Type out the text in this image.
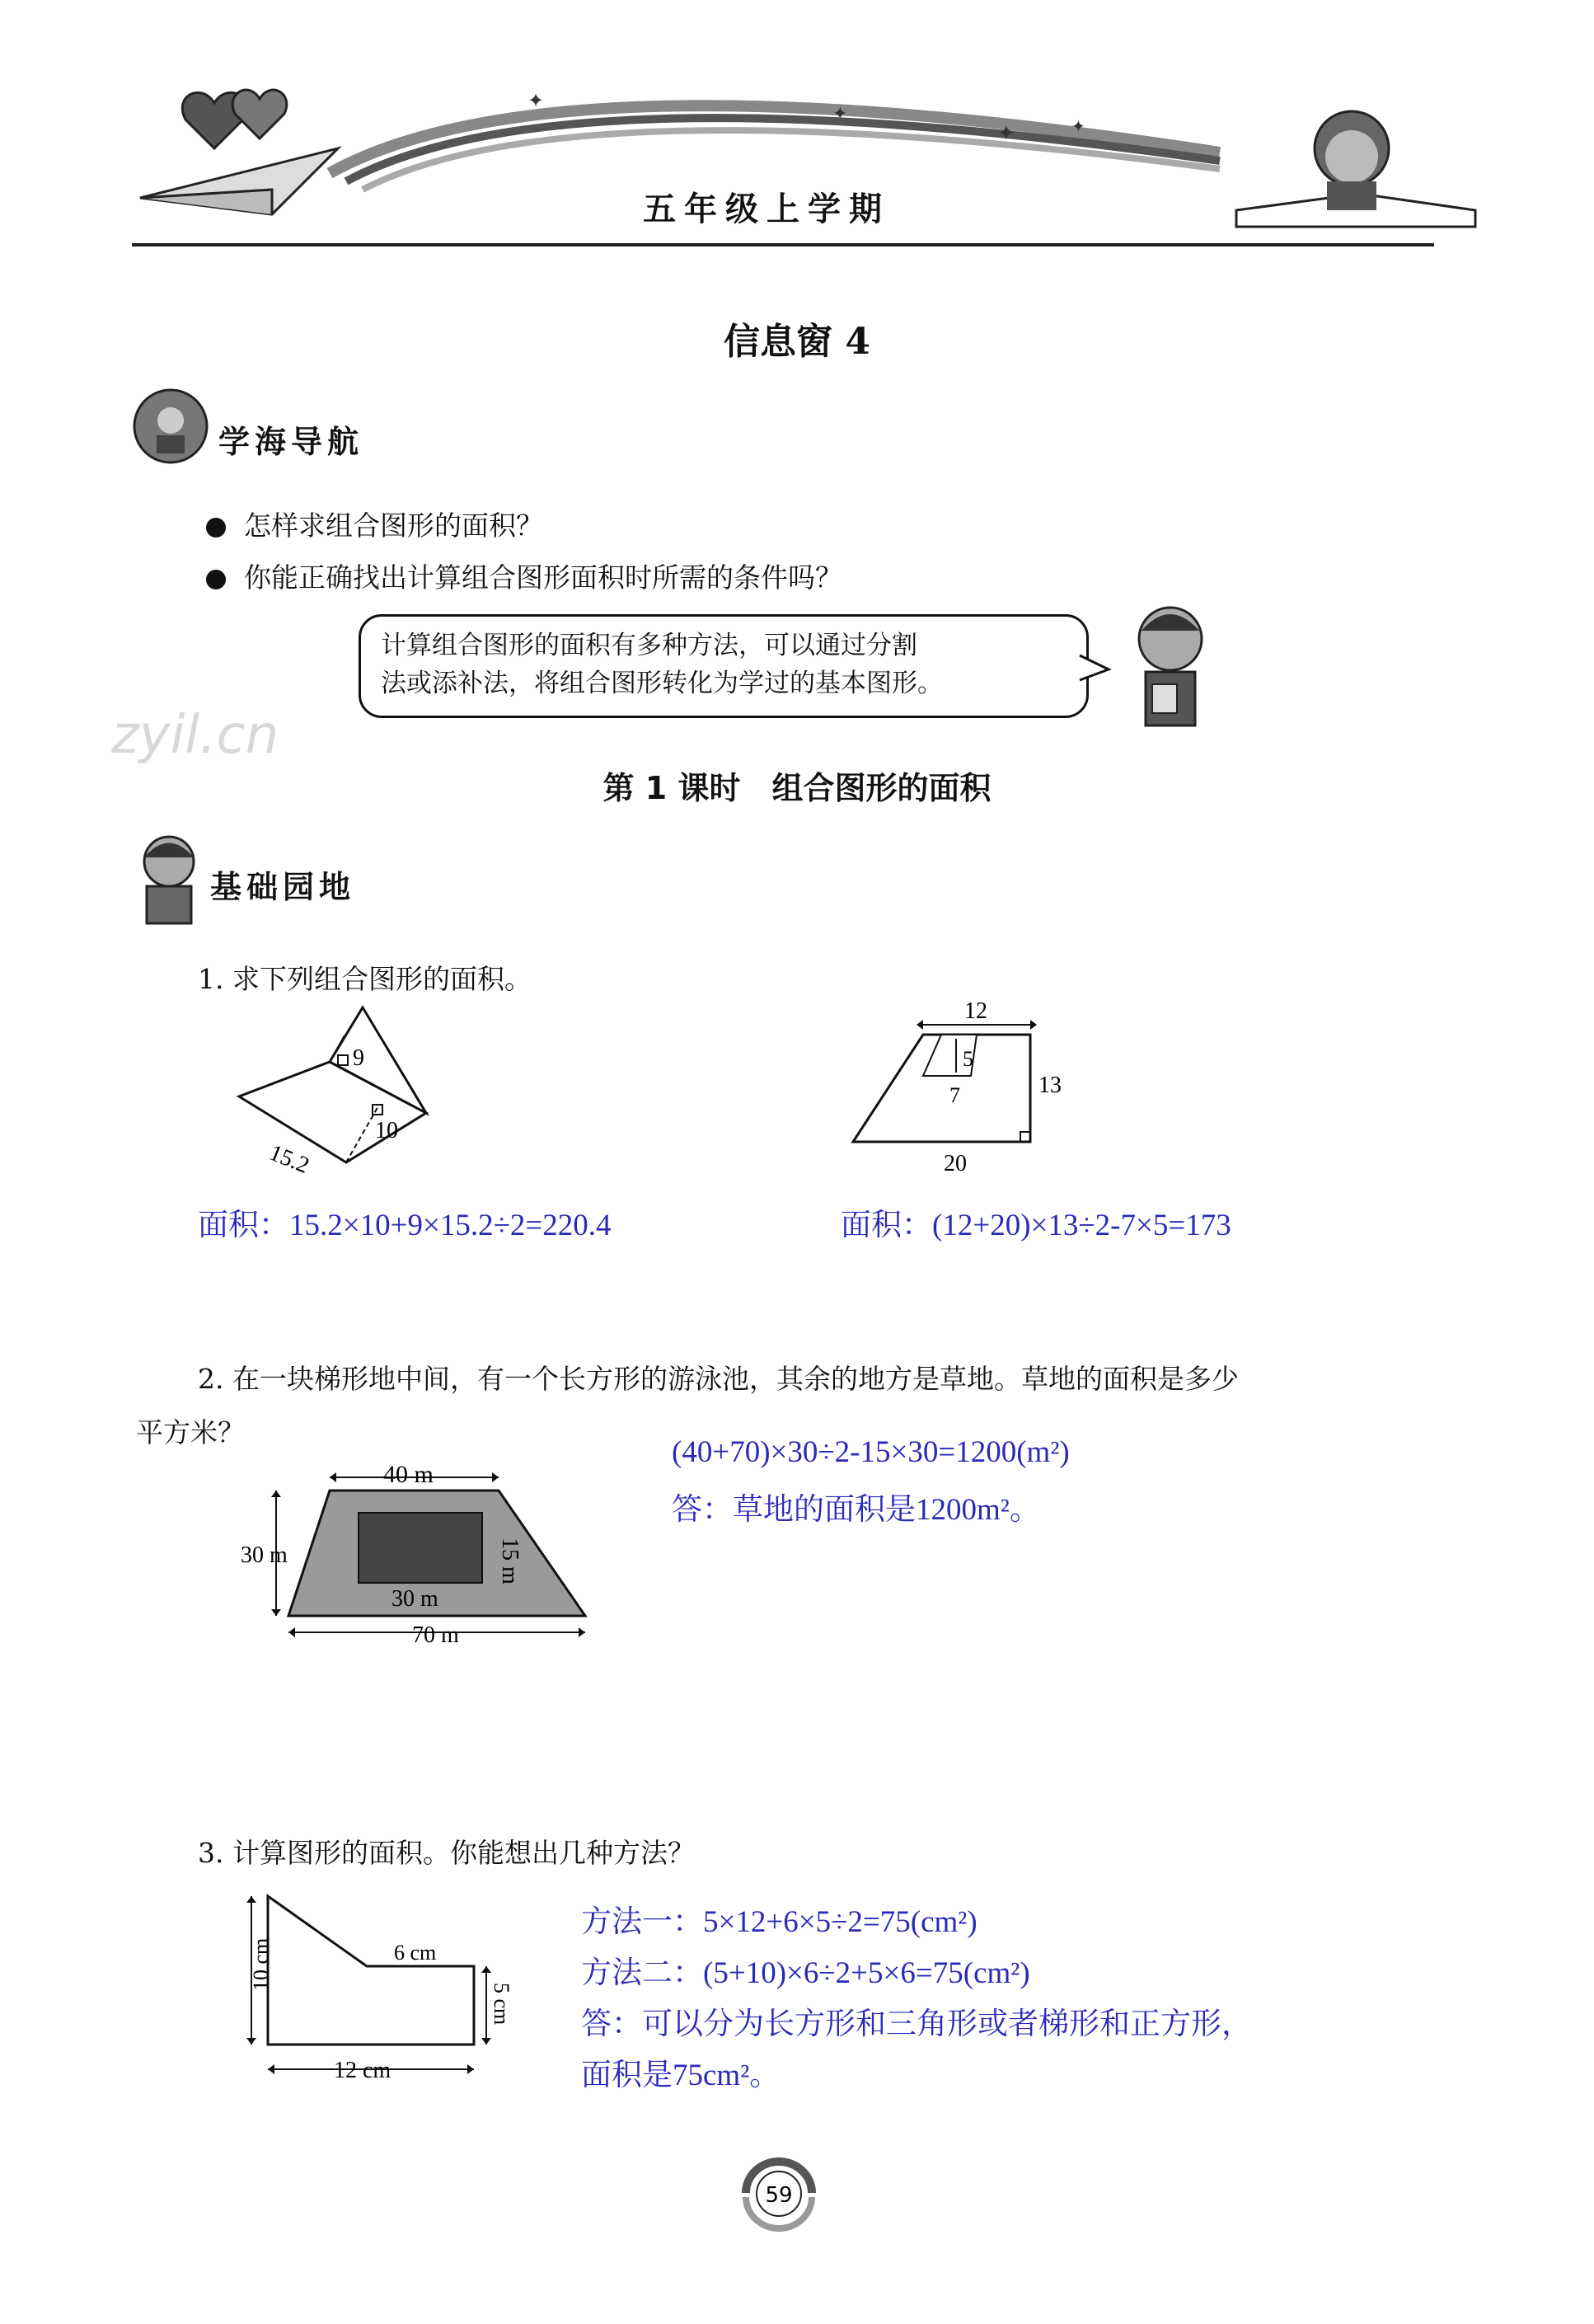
✦
✦
✦	✦
五年级上学期
信息窗 4
学海导航
怎样求组合图形的面积？
你能正确找出计算组合图形面积时所需的条件吗？
计算组合图形的面积有多种方法，可以通过分割
法或添补法，将组合图形转化为学过的基本图形。
zyil.cn
第 1 课时　组合图形的面积
基础园地
1. 求下列组合图形的面积。
9
10
15.2
12
5
7	13
20
面积：15.2×10+9×15.2÷2=220.4	面积：(12+20)×13÷2-7×5=173
2. 在一块梯形地中间，有一个长方形的游泳池，其余的地方是草地。草地的面积是多少
平方米？
40 m
30 m
30 m
15 m
70 m
(40+70)×30÷2-15×30=1200(m²)
答：草地的面积是1200m²。
3. 计算图形的面积。你能想出几种方法？
10 cm	6 cm
5 cm
12 cm
方法一：5×12+6×5÷2=75(cm²)
方法二：(5+10)×6÷2+5×6=75(cm²)
答：可以分为长方形和三角形或者梯形和正方形，
面积是75cm²。
59
